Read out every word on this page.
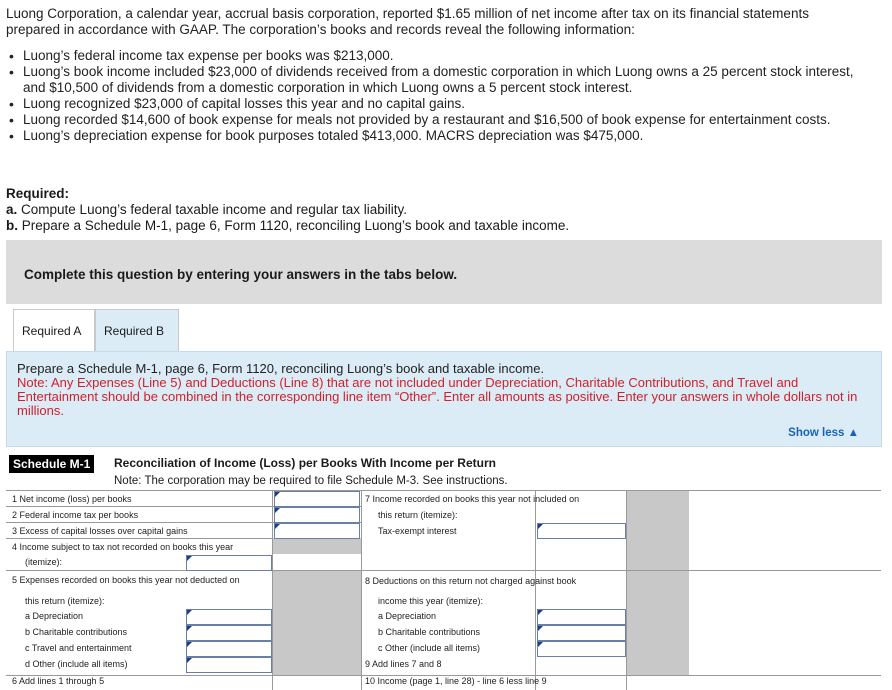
Luong Corporation, a calendar year, accrual basis corporation, reported $1.65 million of net income after tax on its financial statements prepared in accordance with GAAP. The corporation’s books and records reveal the following information:

• Luong’s federal income tax expense per books was $213,000.
• Luong’s book income included $23,000 of dividends received from a domestic corporation in which Luong owns a 25 percent stock interest, and $10,500 of dividends from a domestic corporation in which Luong owns a 5 percent stock interest.
• Luong recognized $23,000 of capital losses this year and no capital gains.
• Luong recorded $14,600 of book expense for meals not provided by a restaurant and $16,500 of book expense for entertainment costs.
• Luong’s depreciation expense for book purposes totaled $413,000. MACRS depreciation was $475,000.
Required:
a. Compute Luong’s federal taxable income and regular tax liability.
b. Prepare a Schedule M-1, page 6, Form 1120, reconciling Luong’s book and taxable income.
Complete this question by entering your answers in the tabs below.
Required A	Required B
Prepare a Schedule M-1, page 6, Form 1120, reconciling Luong’s book and taxable income.
Note: Any Expenses (Line 5) and Deductions (Line 8) that are not included under Depreciation, Charitable Contributions, and Travel and Entertainment should be combined in the corresponding line item “Other”. Enter all amounts as positive. Enter your answers in whole dollars not in millions.
Show less ▲
Schedule M-1	Reconciliation of Income (Loss) per Books With Income per Return
Note: The corporation may be required to file Schedule M-3. See instructions.
1 Net income (loss) per books
2 Federal income tax per books
3 Excess of capital losses over capital gains
4 Income subject to tax not recorded on books this year
(itemize):
5 Expenses recorded on books this year not deducted on
this return (itemize):
a Depreciation
b Charitable contributions
c Travel and entertainment
d Other (include all items)
6 Add lines 1 through 5
7 Income recorded on books this year not included on
this return (itemize):
Tax-exempt interest
8 Deductions on this return not charged against book
income this year (itemize):
a Depreciation
b Charitable contributions
c Other (include all items)
9 Add lines 7 and 8
10 Income (page 1, line 28) - line 6 less line 9
